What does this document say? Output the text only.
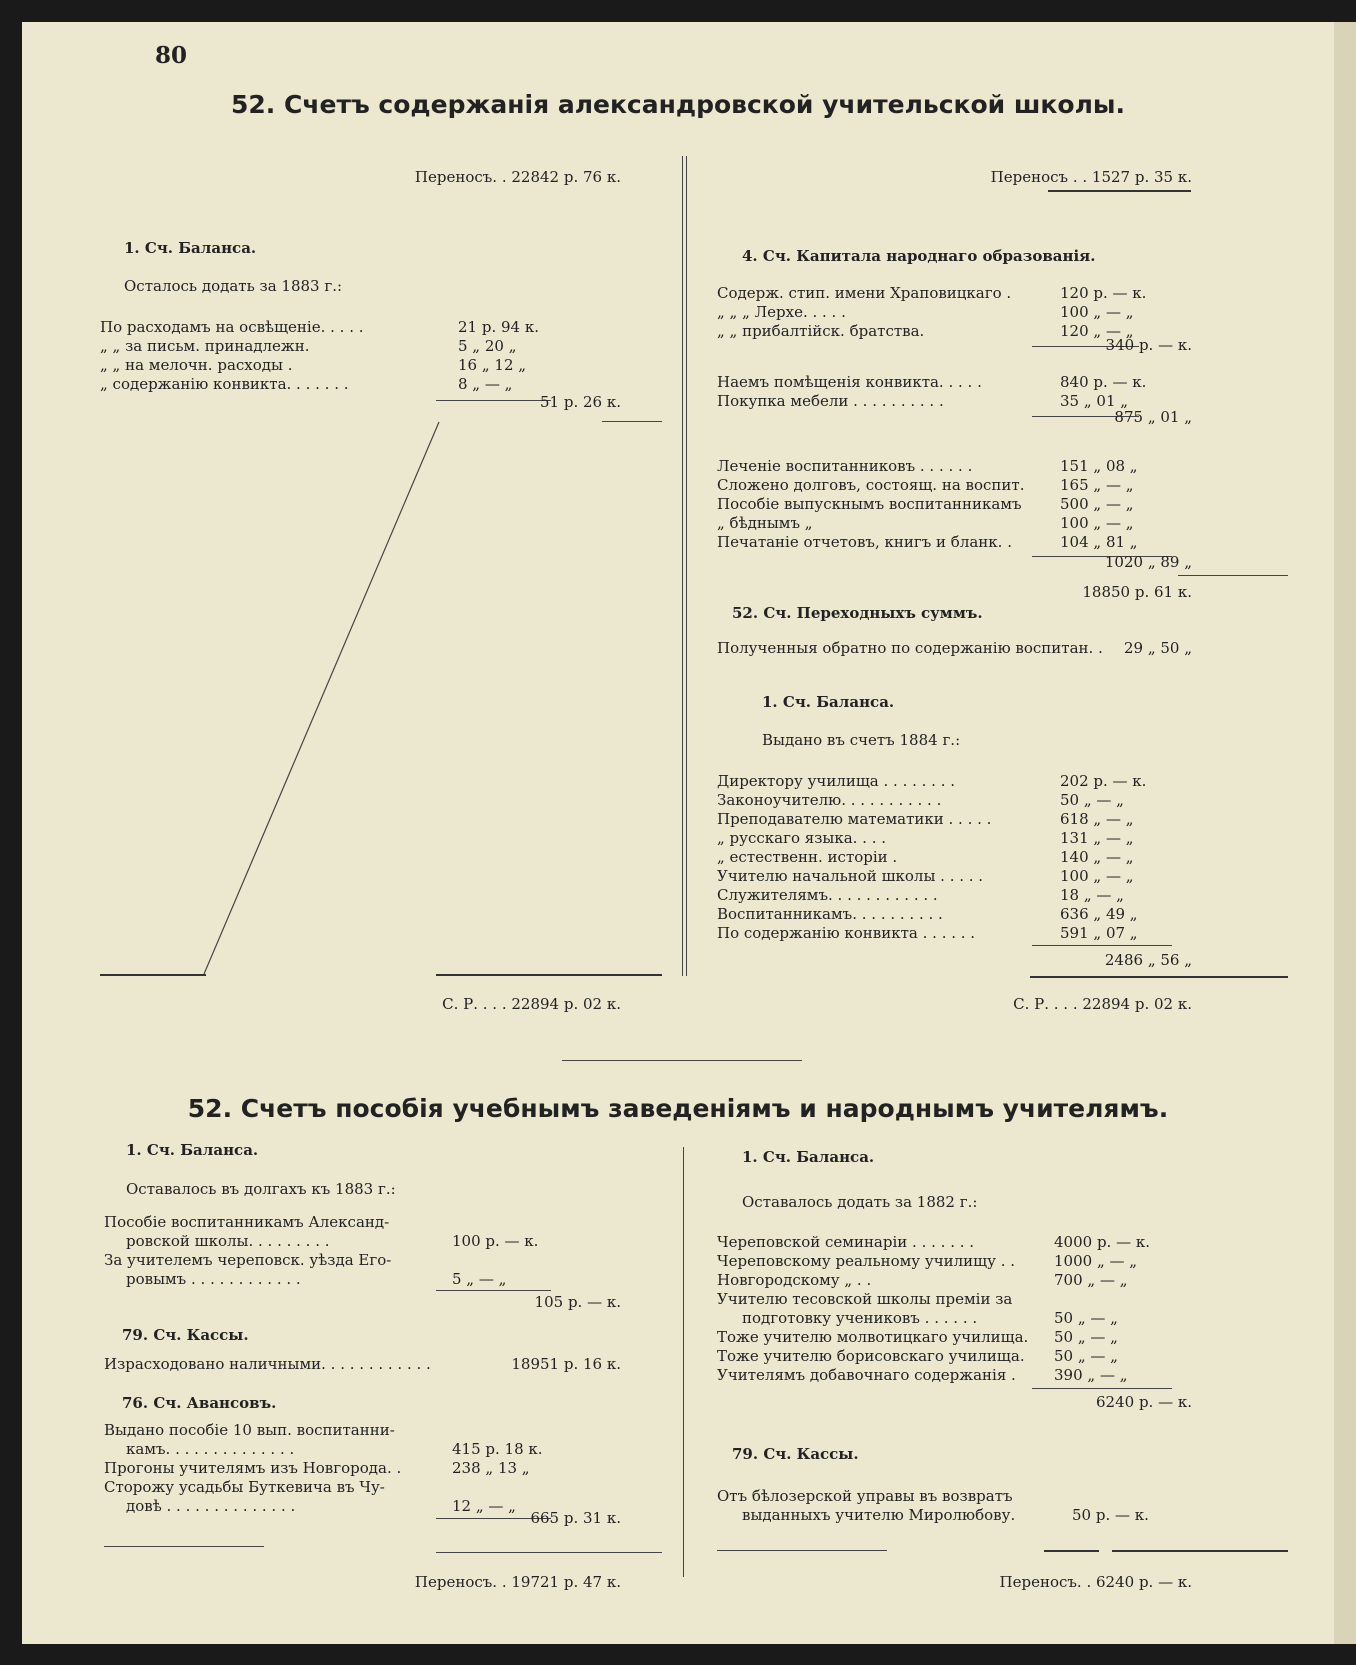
80
52. Счетъ содержанія александровской учительской школы.
Переносъ. . 22842 р. 76 к.
1. Сч. Баланса.
Осталось додать за 1883 г.:
По расходамъ на освѣщеніе. . . . .	21 р. 94 к.
„ „ за письм. принадлежн.	5 „ 20 „
„ „ на мелочн. расходы .	16 „ 12 „
„ содержанію конвикта. . . . . . .	8 „ — „
51 р. 26 к.
С. Р. . . . 22894 р. 02 к.
Переносъ . . 1527 р. 35 к.
4. Сч. Капитала народнаго образованія.
Содерж. стип. имени Храповицкаго .	120 р. — к.
„ „ „ Лерхе. . . . .	100 „ — „
„ „ прибалтійск. братства.	120 „ — „
340 р. — к.
Наемъ помѣщенія конвикта. . . . .	840 р. — к.
Покупка мебели . . . . . . . . . .	35 „ 01 „
875 „ 01 „
Леченіе воспитанниковъ . . . . . .	151 „ 08 „
Сложено долговъ, состоящ. на воспит. 165 „ — „
Пособіе выпускнымъ воспитанникамъ	500 „ — „
„ бѣднымъ „	100 „ — „
Печатаніе отчетовъ, книгъ и бланк. .	104 „ 81 „
1020 „ 89 „
18850 р. 61 к.
52. Сч. Переходныхъ суммъ.
Полученныя обратно по содержанію воспитан. . 29 „ 50 „
1. Сч. Баланса.
Выдано въ счетъ 1884 г.:
Директору училища . . . . . . . .	202 р. — к.
Законоучителю. . . . . . . . . . .	50 „ — „
Преподавателю математики . . . . .	618 „ — „
„ русскаго языка. . . .	131 „ — „
„ естественн. исторіи .	140 „ — „
Учителю начальной школы . . . . .	100 „ — „
Служителямъ. . . . . . . . . . . .	18 „ — „
Воспитанникамъ. . . . . . . . . .	636 „ 49 „
По содержанію конвикта . . . . . .	591 „ 07 „
2486 „ 56 „
С. Р. . . . 22894 р. 02 к.
52. Счетъ пособія учебнымъ заведеніямъ и народнымъ учителямъ.
1. Сч. Баланса.
Оставалось въ долгахъ къ 1883 г.:
Пособіе воспитанникамъ Александ-
ровской школы. . . . . . . . .	100 р. — к.
За учителемъ череповск. уѣзда Его-
ровымъ . . . . . . . . . . . .	5 „ — „
105 р. — к.
79. Сч. Кассы.
Израсходовано наличными. . . . . . . . . . . .	18951 р. 16 к.
76. Сч. Авансовъ.
Выдано пособіе 10 вып. воспитанни-
камъ. . . . . . . . . . . . . .	415 р. 18 к.
Прогоны учителямъ изъ Новгорода. .	238 „ 13 „
Сторожу усадьбы Буткевича въ Чу-
довѣ . . . . . . . . . . . . . .	12 „ — „
665 р. 31 к.
Переносъ. . 19721 р. 47 к.
1. Сч. Баланса.
Оставалось додать за 1882 г.:
Череповской семинаріи . . . . . . .	4000 р. — к.
Череповскому реальному училищу . .	1000 „ — „
Новгородскому „ . .	700 „ — „
Учителю тесовской школы преміи за
подготовку учениковъ . . . . . .	50 „ — „
Тоже учителю молвотицкаго училища. 50 „ — „
Тоже учителю борисовскаго училища. 50 „ — „
Учителямъ добавочнаго содержанія .	390 „ — „
6240 р. — к.
79. Сч. Кассы.
Отъ бѣлозерской управы въ возвратъ
выданныхъ учителю Миролюбову.	50 р. — к.
Переносъ. . 6240 р. — к.
